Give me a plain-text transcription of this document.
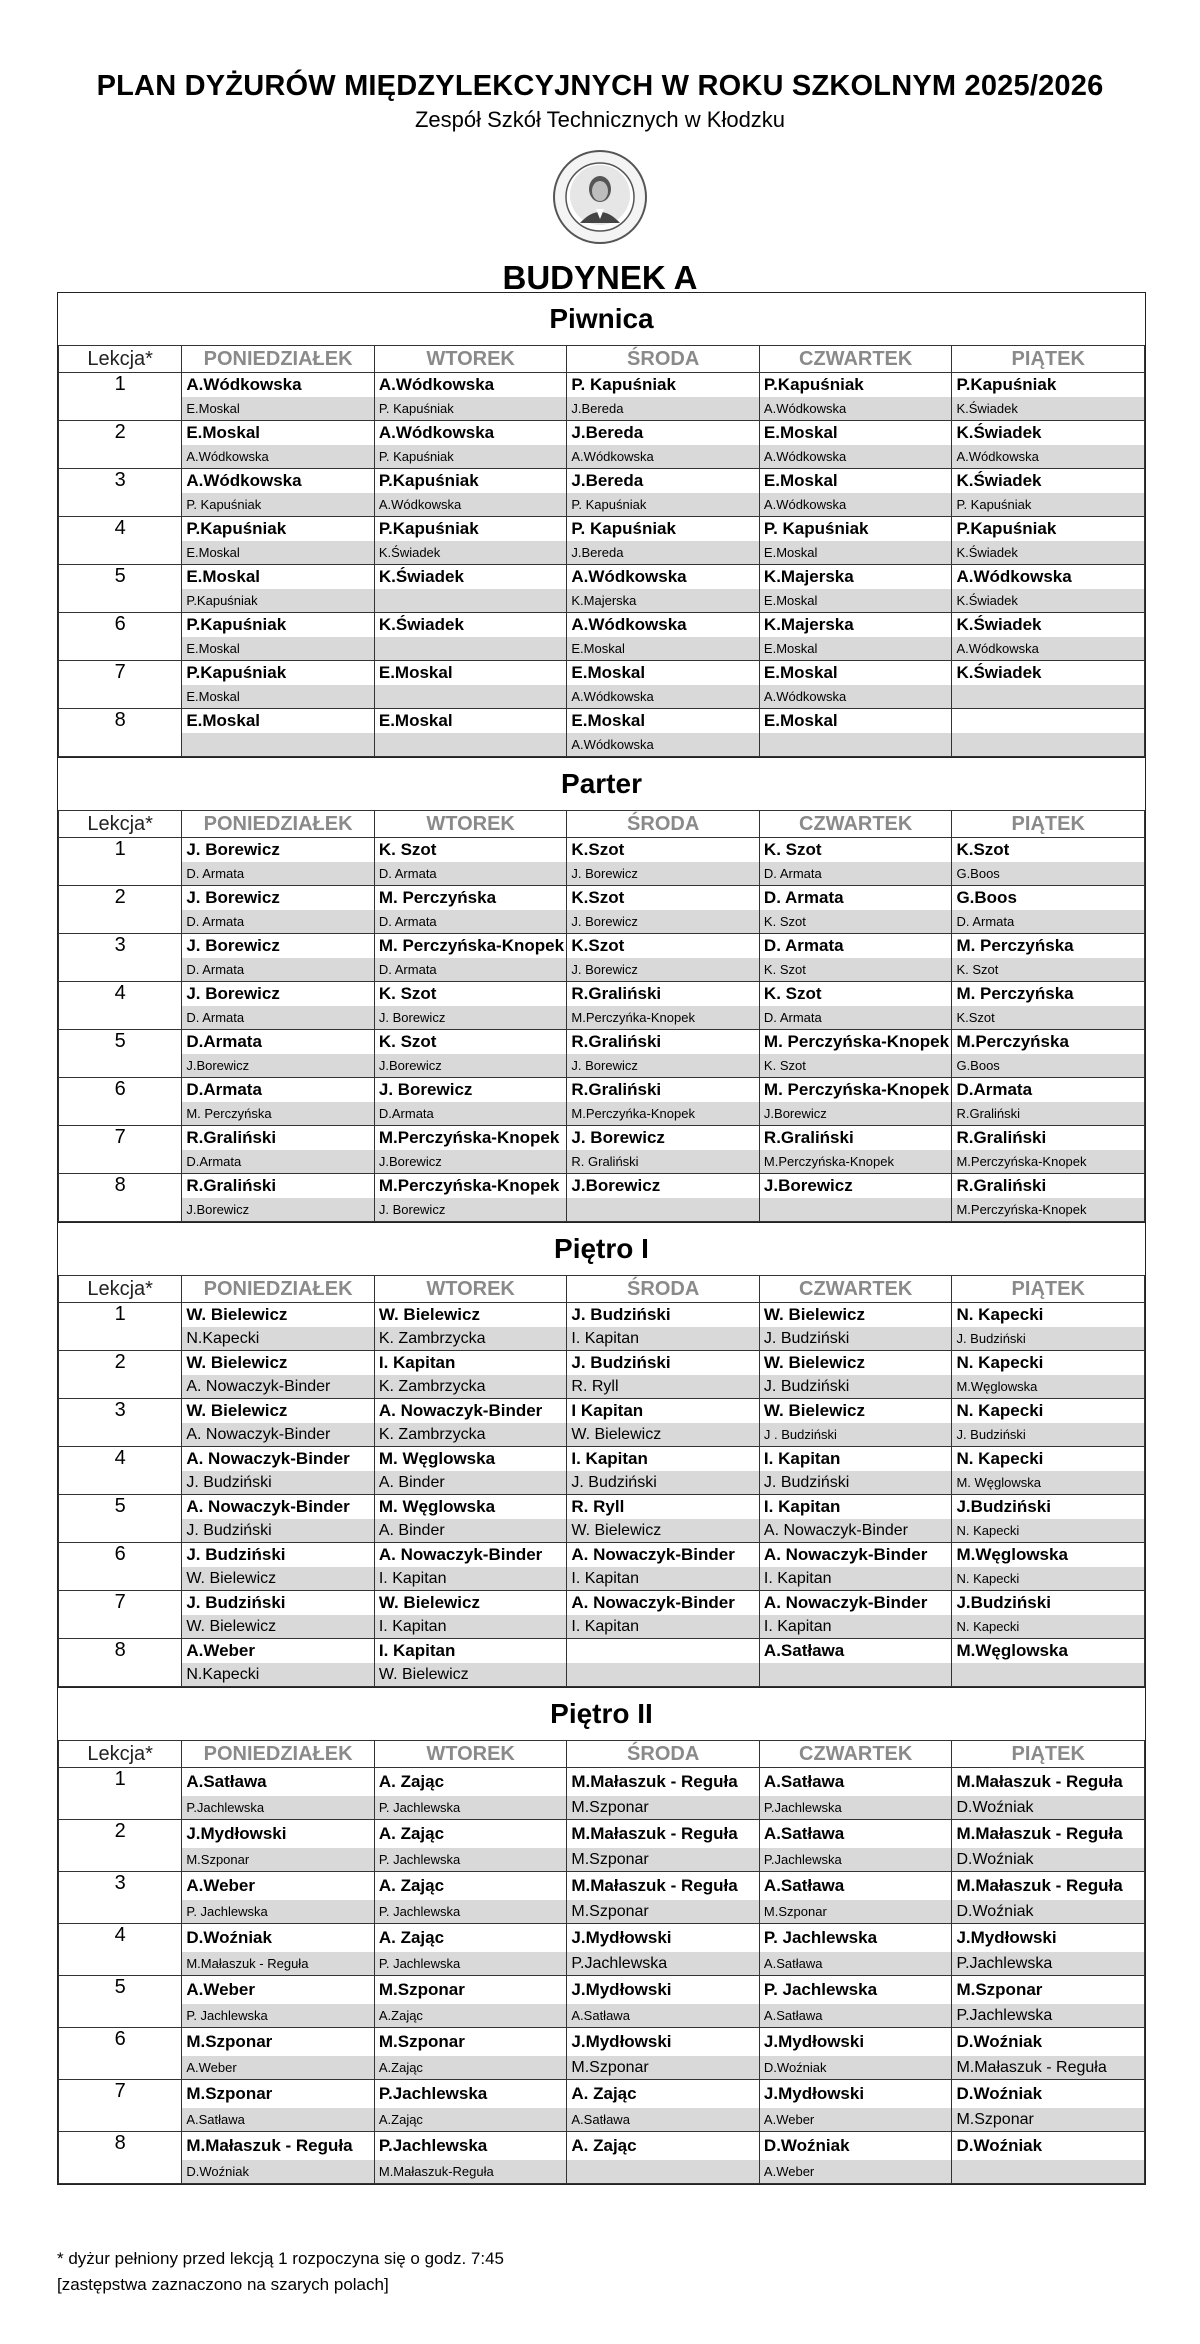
PLAN DYŻURÓW MIĘDZYLEKCYJNYCH W ROKU SZKOLNYM 2025/2026
Zespół Szkół Technicznych w Kłodzku
BUDYNEK A
Piwnica
Lekcja*	PONIEDZIAŁEK	WTOREK	ŚRODA	CZWARTEK	PIĄTEK
1	A.Wódkowska	A.Wódkowska	P. Kapuśniak	P.Kapuśniak	P.Kapuśniak
	E.Moskal	P. Kapuśniak	J.Bereda	A.Wódkowska	K.Świadek
2	E.Moskal	A.Wódkowska	J.Bereda	E.Moskal	K.Świadek
	A.Wódkowska	P. Kapuśniak	A.Wódkowska	A.Wódkowska	A.Wódkowska
3	A.Wódkowska	P.Kapuśniak	J.Bereda	E.Moskal	K.Świadek
	P. Kapuśniak	A.Wódkowska	P. Kapuśniak	A.Wódkowska	P. Kapuśniak
4	P.Kapuśniak	P.Kapuśniak	P. Kapuśniak	P. Kapuśniak	P.Kapuśniak
	E.Moskal	K.Świadek	J.Bereda	E.Moskal	K.Świadek
5	E.Moskal	K.Świadek	A.Wódkowska	K.Majerska	A.Wódkowska
	P.Kapuśniak		K.Majerska	E.Moskal	K.Świadek
6	P.Kapuśniak	K.Świadek	A.Wódkowska	K.Majerska	K.Świadek
	E.Moskal		E.Moskal	E.Moskal	A.Wódkowska
7	P.Kapuśniak	E.Moskal	E.Moskal	E.Moskal	K.Świadek
	E.Moskal		A.Wódkowska	A.Wódkowska	
8	E.Moskal	E.Moskal	E.Moskal	E.Moskal	
			A.Wódkowska		
Parter
Lekcja*	PONIEDZIAŁEK	WTOREK	ŚRODA	CZWARTEK	PIĄTEK
1	J. Borewicz	K. Szot	K.Szot	K. Szot	K.Szot
	D. Armata	D. Armata	J. Borewicz	D. Armata	G.Boos
2	J. Borewicz	M. Perczyńska	K.Szot	D. Armata	G.Boos
	D. Armata	D. Armata	J. Borewicz	K. Szot	D. Armata
3	J. Borewicz	M. Perczyńska-Knopek	K.Szot	D. Armata	M. Perczyńska
	D. Armata	D. Armata	J. Borewicz	K. Szot	K. Szot
4	J. Borewicz	K. Szot	R.Graliński	K. Szot	M. Perczyńska
	D. Armata	J. Borewicz	M.Perczyńka-Knopek	D. Armata	K.Szot
5	D.Armata	K. Szot	R.Graliński	M. Perczyńska-Knopek	M.Perczyńska
	J.Borewicz	J.Borewicz	J. Borewicz	K. Szot	G.Boos
6	D.Armata	J. Borewicz	R.Graliński	M. Perczyńska-Knopek	D.Armata
	M. Perczyńska	D.Armata	M.Perczyńka-Knopek	J.Borewicz	R.Graliński
7	R.Graliński	M.Perczyńska-Knopek	J. Borewicz	R.Graliński	R.Graliński
	D.Armata	J.Borewicz	R. Graliński	M.Perczyńska-Knopek	M.Perczyńska-Knopek
8	R.Graliński	M.Perczyńska-Knopek	J.Borewicz	J.Borewicz	R.Graliński
	J.Borewicz	J. Borewicz			M.Perczyńska-Knopek
Piętro I
Lekcja*	PONIEDZIAŁEK	WTOREK	ŚRODA	CZWARTEK	PIĄTEK
1	W. Bielewicz	W. Bielewicz	J. Budziński	W. Bielewicz	N. Kapecki
	N.Kapecki	K. Zambrzycka	I. Kapitan	J. Budziński	J. Budziński
2	W. Bielewicz	I. Kapitan	J. Budziński	W. Bielewicz	N. Kapecki
	A. Nowaczyk-Binder	K. Zambrzycka	R. Ryll	J. Budziński	M.Węglowska
3	W. Bielewicz	A. Nowaczyk-Binder	I Kapitan	W. Bielewicz	N. Kapecki
	A. Nowaczyk-Binder	K. Zambrzycka	W. Bielewicz	J . Budziński	J. Budziński
4	A. Nowaczyk-Binder	M. Węglowska	I. Kapitan	I. Kapitan	N. Kapecki
	J. Budziński	A. Binder	J. Budziński	J. Budziński	M. Węglowska
5	A. Nowaczyk-Binder	M. Węglowska	R. Ryll	I. Kapitan	J.Budziński
	J. Budziński	A. Binder	W. Bielewicz	A. Nowaczyk-Binder	N. Kapecki
6	J. Budziński	A. Nowaczyk-Binder	A. Nowaczyk-Binder	A. Nowaczyk-Binder	M.Węglowska
	W. Bielewicz	I. Kapitan	I. Kapitan	I. Kapitan	N. Kapecki
7	J. Budziński	W. Bielewicz	A. Nowaczyk-Binder	A. Nowaczyk-Binder	J.Budziński
	W. Bielewicz	I. Kapitan	I. Kapitan	I. Kapitan	N. Kapecki
8	A.Weber	I. Kapitan		A.Satława	M.Węglowska
	N.Kapecki	W. Bielewicz			
Piętro II
Lekcja*	PONIEDZIAŁEK	WTOREK	ŚRODA	CZWARTEK	PIĄTEK
1	A.Satława	A. Zając	M.Małaszuk - Reguła	A.Satława	M.Małaszuk - Reguła
	P.Jachlewska	P. Jachlewska	M.Szponar	P.Jachlewska	D.Woźniak
2	J.Mydłowski	A. Zając	M.Małaszuk - Reguła	A.Satława	M.Małaszuk - Reguła
	M.Szponar	P. Jachlewska	M.Szponar	P.Jachlewska	D.Woźniak
3	A.Weber	A. Zając	M.Małaszuk - Reguła	A.Satława	M.Małaszuk - Reguła
	P. Jachlewska	P. Jachlewska	M.Szponar	M.Szponar	D.Woźniak
4	D.Woźniak	A. Zając	J.Mydłowski	P. Jachlewska	J.Mydłowski
	M.Małaszuk - Reguła	P. Jachlewska	P.Jachlewska	A.Satława	P.Jachlewska
5	A.Weber	M.Szponar	J.Mydłowski	P. Jachlewska	M.Szponar
	P. Jachlewska	A.Zając	A.Satława	A.Satława	P.Jachlewska
6	M.Szponar	M.Szponar	J.Mydłowski	J.Mydłowski	D.Woźniak
	A.Weber	A.Zając	M.Szponar	D.Woźniak	M.Małaszuk - Reguła
7	M.Szponar	P.Jachlewska	A. Zając	J.Mydłowski	D.Woźniak
	A.Satława	A.Zając	A.Satława	A.Weber	M.Szponar
8	M.Małaszuk - Reguła	P.Jachlewska	A. Zając	D.Woźniak	D.Woźniak
	D.Woźniak	M.Małaszuk-Reguła		A.Weber	
* dyżur pełniony przed lekcją 1 rozpoczyna się o godz. 7:45
[zastępstwa zaznaczono na szarych polach]
